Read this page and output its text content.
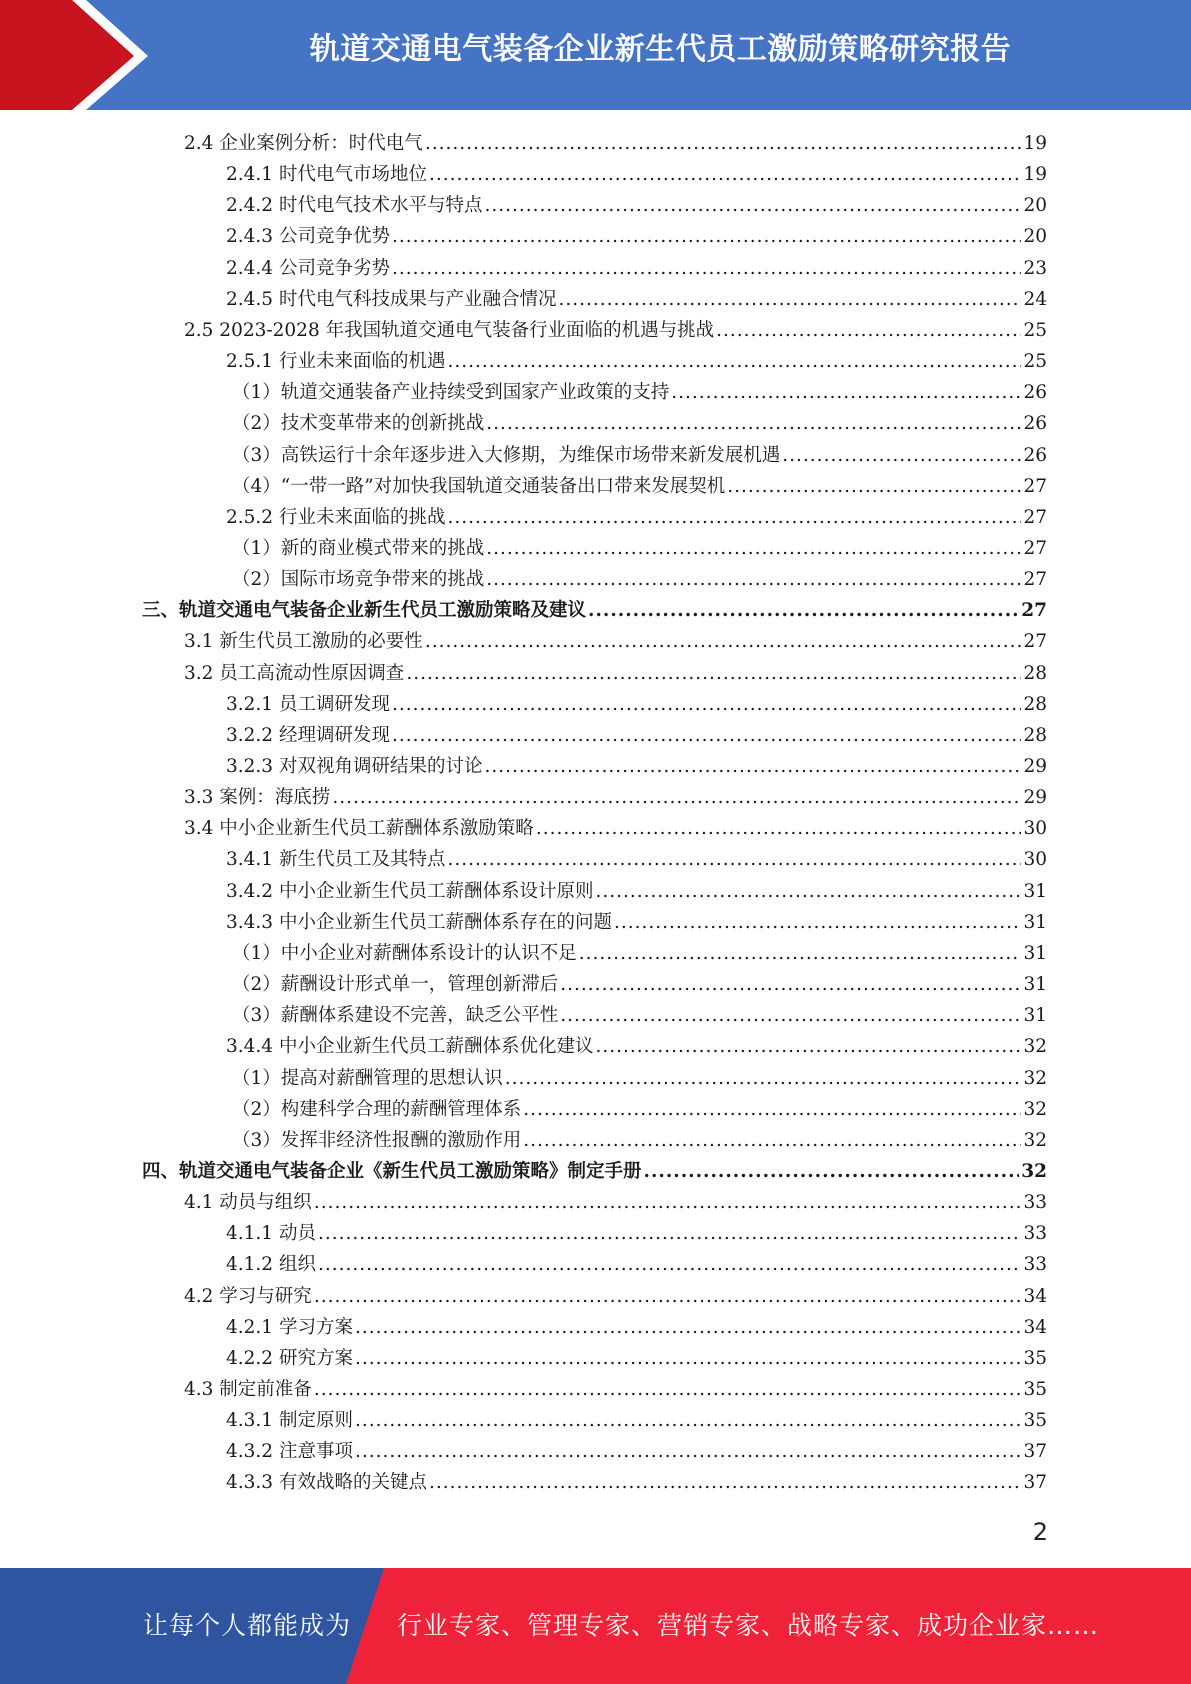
轨道交通电气装备企业新生代员工激励策略研究报告
2.4 企业案例分析：时代电气 .....	19
2.4.1 时代电气市场地位 .....	19
2.4.2 时代电气技术水平与特点 .....	20
2.4.3 公司竞争优势 .....	20
2.4.4 公司竞争劣势 .....	23
2.4.5 时代电气科技成果与产业融合情况 .....	24
2.5 2023-2028 年我国轨道交通电气装备行业面临的机遇与挑战 .....	25
2.5.1 行业未来面临的机遇 .....	25
（1）轨道交通装备产业持续受到国家产业政策的支持 .....	26
（2）技术变革带来的创新挑战 .....	26
（3）高铁运行十余年逐步进入大修期，为维保市场带来新发展机遇 .....	26
（4）“一带一路”对加快我国轨道交通装备出口带来发展契机 .....	27
2.5.2 行业未来面临的挑战 .....	27
（1）新的商业模式带来的挑战 .....	27
（2）国际市场竞争带来的挑战 .....	27
三、轨道交通电气装备企业新生代员工激励策略及建议 .....	27
3.1 新生代员工激励的必要性 .....	27
3.2 员工高流动性原因调查 .....	28
3.2.1 员工调研发现 .....	28
3.2.2 经理调研发现 .....	28
3.2.3 对双视角调研结果的讨论 .....	29
3.3 案例：海底捞 .....	29
3.4 中小企业新生代员工薪酬体系激励策略 .....	30
3.4.1 新生代员工及其特点 .....	30
3.4.2 中小企业新生代员工薪酬体系设计原则 .....	31
3.4.3 中小企业新生代员工薪酬体系存在的问题 .....	31
（1）中小企业对薪酬体系设计的认识不足 .....	31
（2）薪酬设计形式单一，管理创新滞后 .....	31
（3）薪酬体系建设不完善，缺乏公平性 .....	31
3.4.4 中小企业新生代员工薪酬体系优化建议 .....	32
（1）提高对薪酬管理的思想认识 .....	32
（2）构建科学合理的薪酬管理体系 .....	32
（3）发挥非经济性报酬的激励作用 .....	32
四、轨道交通电气装备企业《新生代员工激励策略》制定手册 .....	32
4.1 动员与组织 .....	33
4.1.1 动员 .....	33
4.1.2 组织 .....	33
4.2 学习与研究 .....	34
4.2.1 学习方案 .....	34
4.2.2 研究方案 .....	35
4.3 制定前准备 .....	35
4.3.1 制定原则 .....	35
4.3.2 注意事项 .....	37
4.3.3 有效战略的关键点 .....	37
2
让每个人都能成为 行业专家、管理专家、营销专家、战略专家、成功企业家……
